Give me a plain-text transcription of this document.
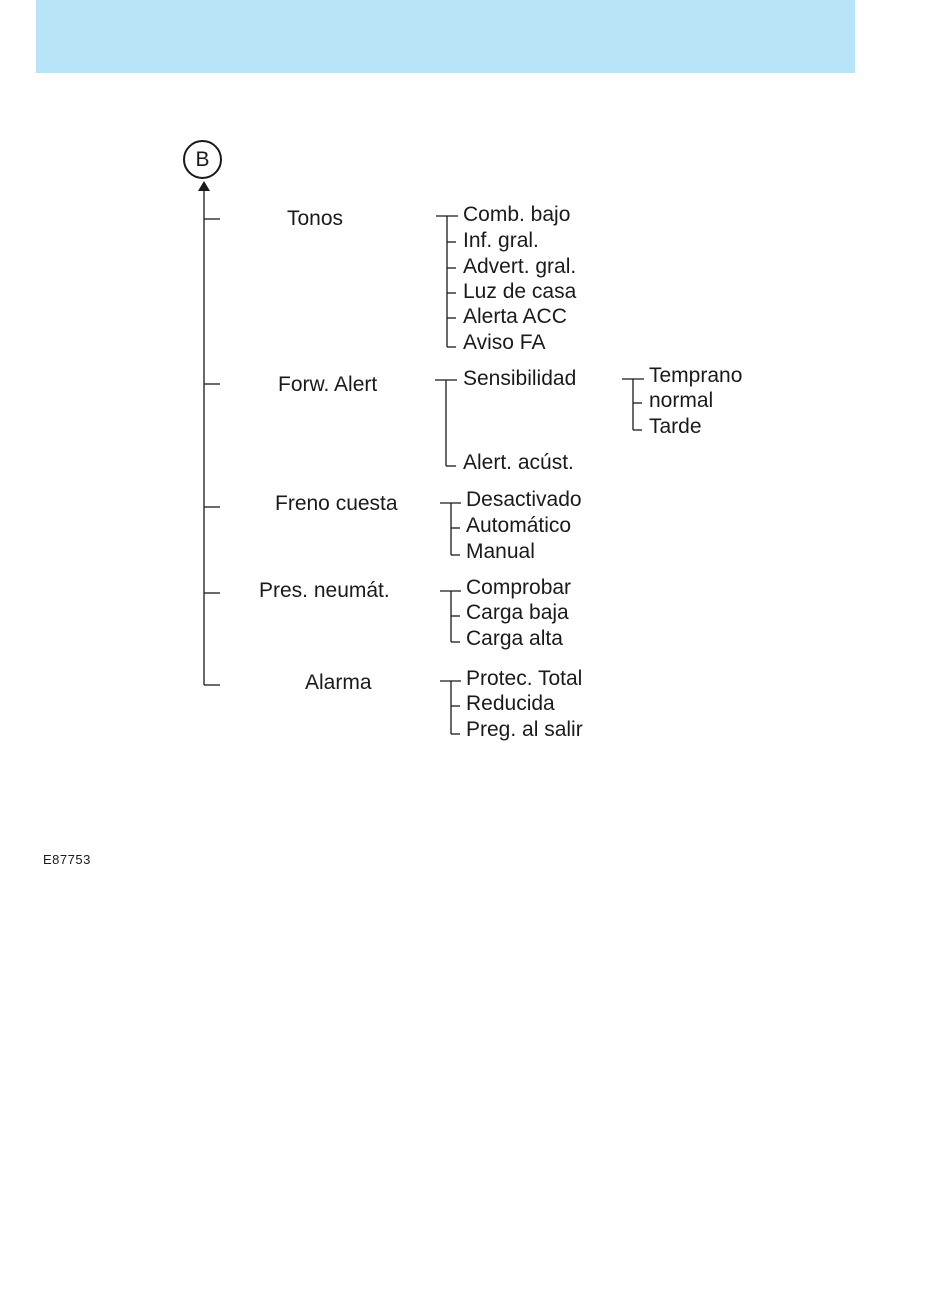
B
Tonos
Forw. Alert
Freno cuesta
Pres. neumát.
Alarma
Comb. bajo
Inf. gral.
Advert. gral.
Luz de casa
Alerta ACC
Aviso FA
Sensibilidad
Alert. acúst.
Temprano
normal
Tarde
Desactivado
Automático
Manual
Comprobar
Carga baja
Carga alta
Protec. Total
Reducida
Preg. al salir
E87753
